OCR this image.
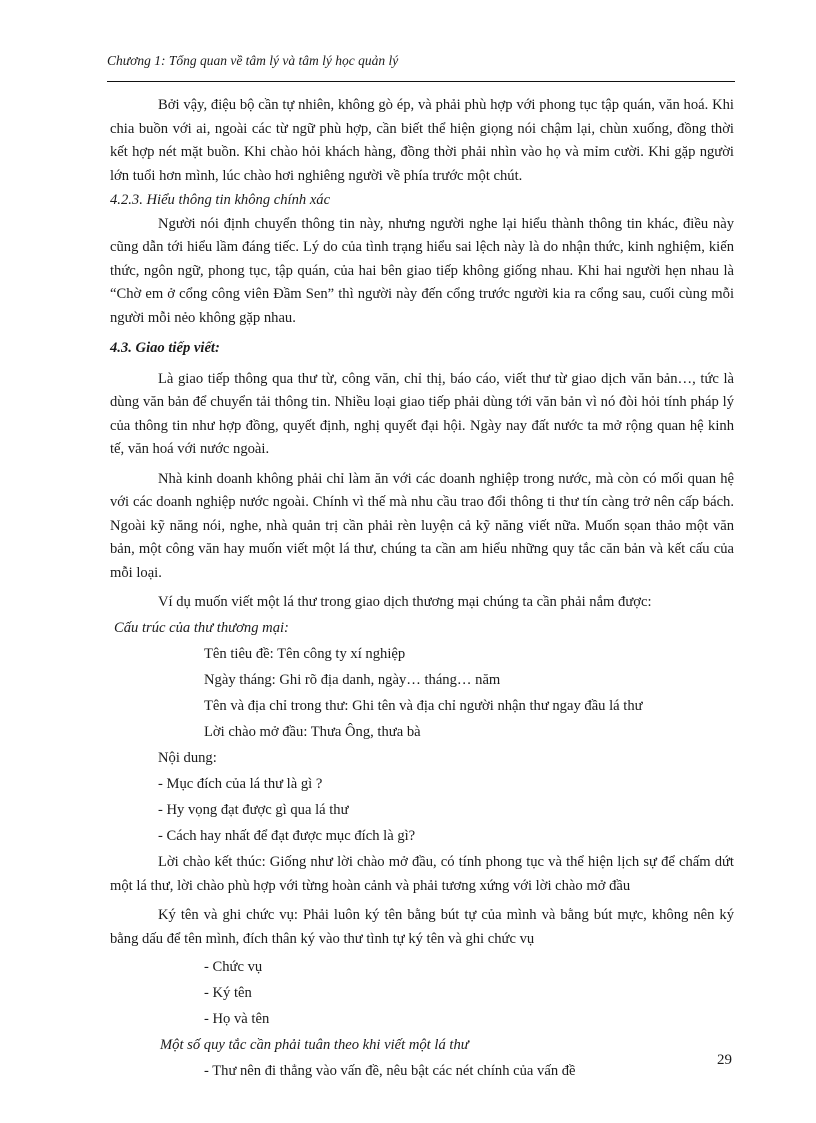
Chương 1: Tổng quan về tâm lý và tâm lý học quản lý

Bởi vậy, điệu bộ cần tự nhiên, không gò ép, và phải phù hợp với phong tục tập quán, văn hoá. Khi chia buồn với ai, ngoài các từ ngữ phù hợp, cần biết thể hiện giọng nói chậm lại, chùn xuống, đồng thời kết hợp nét mặt buồn. Khi chào hỏi khách hàng, đồng thời phải nhìn vào họ và mỉm cười. Khi gặp người lớn tuổi hơn mình, lúc chào hơi nghiêng người về phía trước một chút.

4.2.3. Hiểu thông tin không chính xác

Người nói định chuyển thông tin này, nhưng người nghe lại hiểu thành thông tin khác, điều này cũng dẫn tới hiểu lầm đáng tiếc. Lý do của tình trạng hiểu sai lệch này là do nhận thức, kinh nghiệm, kiến thức, ngôn ngữ, phong tục, tập quán, của hai bên giao tiếp không giống nhau. Khi hai người hẹn nhau là “Chờ em ở cổng công viên Đầm Sen” thì người này đến cổng trước người kia ra cổng sau, cuối cùng mỗi người mỗi nẻo không gặp nhau.

4.3. Giao tiếp viết:

Là giao tiếp thông qua thư từ, công văn, chỉ thị, báo cáo, viết thư từ giao dịch văn bản…, tức là dùng văn bản để chuyển tải thông tin. Nhiều loại giao tiếp phải dùng tới văn bản vì nó đòi hỏi tính pháp lý của thông tin như hợp đồng, quyết định, nghị quyết đại hội. Ngày nay đất nước ta mở rộng quan hệ kinh tế, văn hoá với nước ngoài.

Nhà kinh doanh không phải chỉ làm ăn với các doanh nghiệp trong nước, mà còn có mối quan hệ với các doanh nghiệp nước ngoài. Chính vì thế mà nhu cầu trao đổi thông ti thư tín càng trở nên cấp bách. Ngoài kỹ năng nói, nghe, nhà quản trị cần phải rèn luyện cả kỹ năng viết nữa. Muốn sọan thảo một văn bản, một công văn hay muốn viết một lá thư, chúng ta cần am hiểu những quy tắc căn bản và kết cấu của mỗi loại.

Ví dụ muốn viết một lá thư trong giao dịch thương mại chúng ta cần phải nắm được:

Cấu trúc của thư thương mại:

Tên tiêu đề: Tên công ty xí nghiệp

Ngày tháng: Ghi rõ địa danh, ngày… tháng… năm

Tên và địa chỉ trong thư: Ghi tên và địa chỉ người nhận thư ngay đầu lá thư

Lời chào mở đầu: Thưa Ông, thưa bà

Nội dung:

- Mục đích của lá thư là gì ?

- Hy vọng đạt được gì qua lá thư

- Cách hay nhất để đạt được mục đích là gì?

Lời chào kết thúc: Giống như lời chào mở đầu, có tính phong tục và thể hiện lịch sự để chấm dứt một lá thư, lời chào phù hợp với từng hoàn cảnh và phải tương xứng với lời chào mở đầu

Ký tên và ghi chức vụ: Phải luôn ký tên bằng bút tự của mình và bằng bút mực, không nên ký bằng dấu để tên mình, đích thân ký vào thư tình tự ký tên và ghi chức vụ

- Chức vụ

- Ký tên

- Họ và tên

Một số quy tắc cần phải tuân theo khi viết một lá thư

- Thư nên đi thẳng vào vấn đề, nêu bật các nét chính của vấn đề

29
